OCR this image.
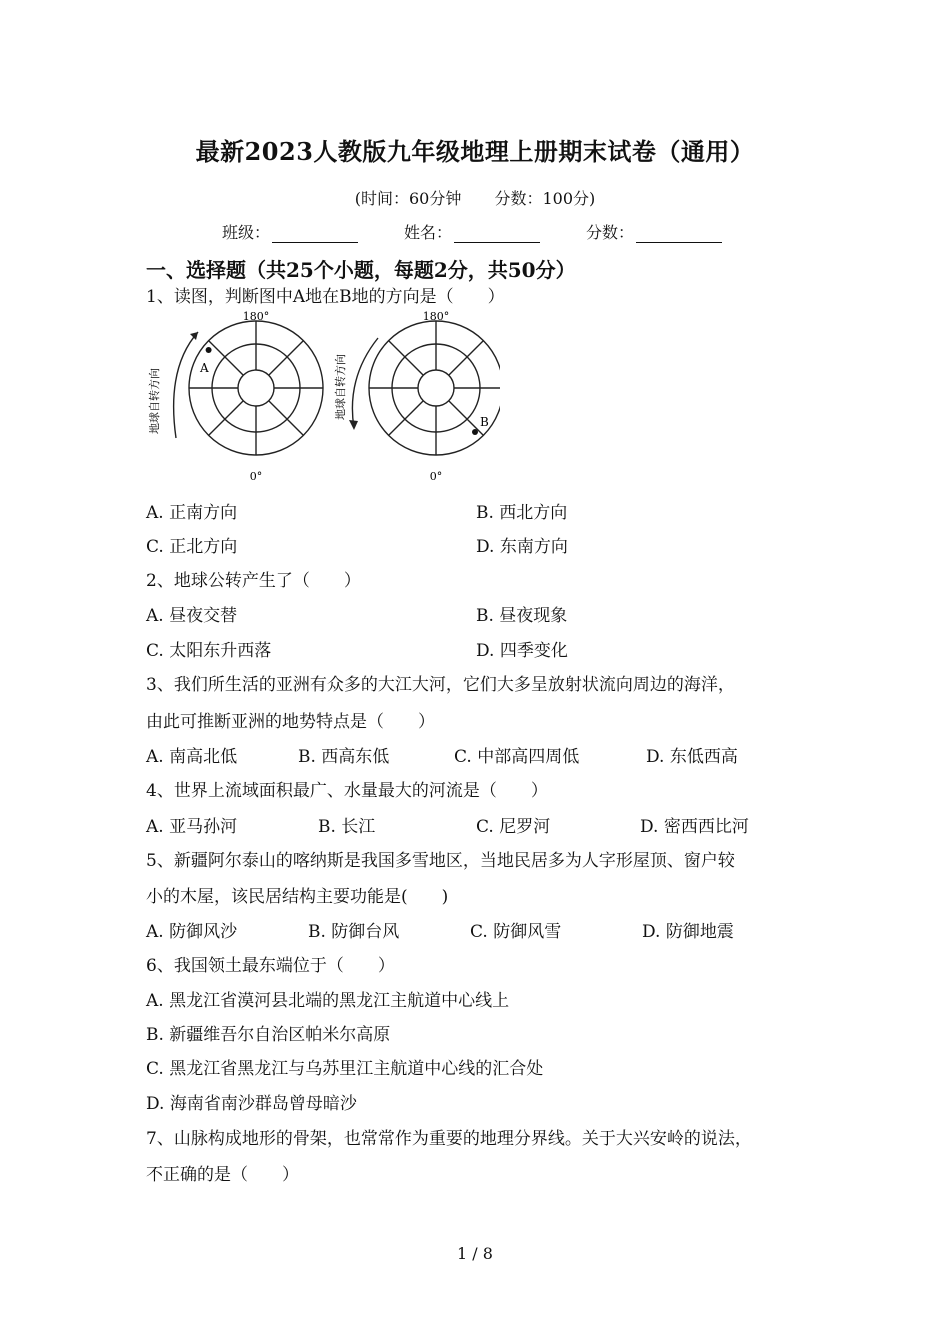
最新2023人教版九年级地理上册期末试卷（通用）
(时间：60分钟 分数：100分)
班级：	姓名：	分数：
一、选择题（共25个小题，每题2分，共50分）
1、读图，判断图中A地在B地的方向是（　　）
A
180°
0°
地球自转方向	B
180°
0°
地球自转方向
A. 正南方向	B. 西北方向
C. 正北方向	D. 东南方向
2、地球公转产生了（　　）
A. 昼夜交替	B. 昼夜现象
C. 太阳东升西落	D. 四季变化
3、我们所生活的亚洲有众多的大江大河，它们大多呈放射状流向周边的海洋，
由此可推断亚洲的地势特点是（　　）
A. 南高北低	B. 西高东低	C. 中部高四周低	D. 东低西高
4、世界上流域面积最广、水量最大的河流是（　　）
A. 亚马孙河	B. 长江	C. 尼罗河	D. 密西西比河
5、新疆阿尔泰山的喀纳斯是我国多雪地区，当地民居多为人字形屋顶、窗户较
小的木屋，该民居结构主要功能是(　　)
A. 防御风沙	B. 防御台风	C. 防御风雪	D. 防御地震
6、我国领土最东端位于（　　）
A. 黑龙江省漠河县北端的黑龙江主航道中心线上
B. 新疆维吾尔自治区帕米尔高原
C. 黑龙江省黑龙江与乌苏里江主航道中心线的汇合处
D. 海南省南沙群岛曾母暗沙
7、山脉构成地形的骨架，也常常作为重要的地理分界线。关于大兴安岭的说法，
不正确的是（　　）
1 / 8
